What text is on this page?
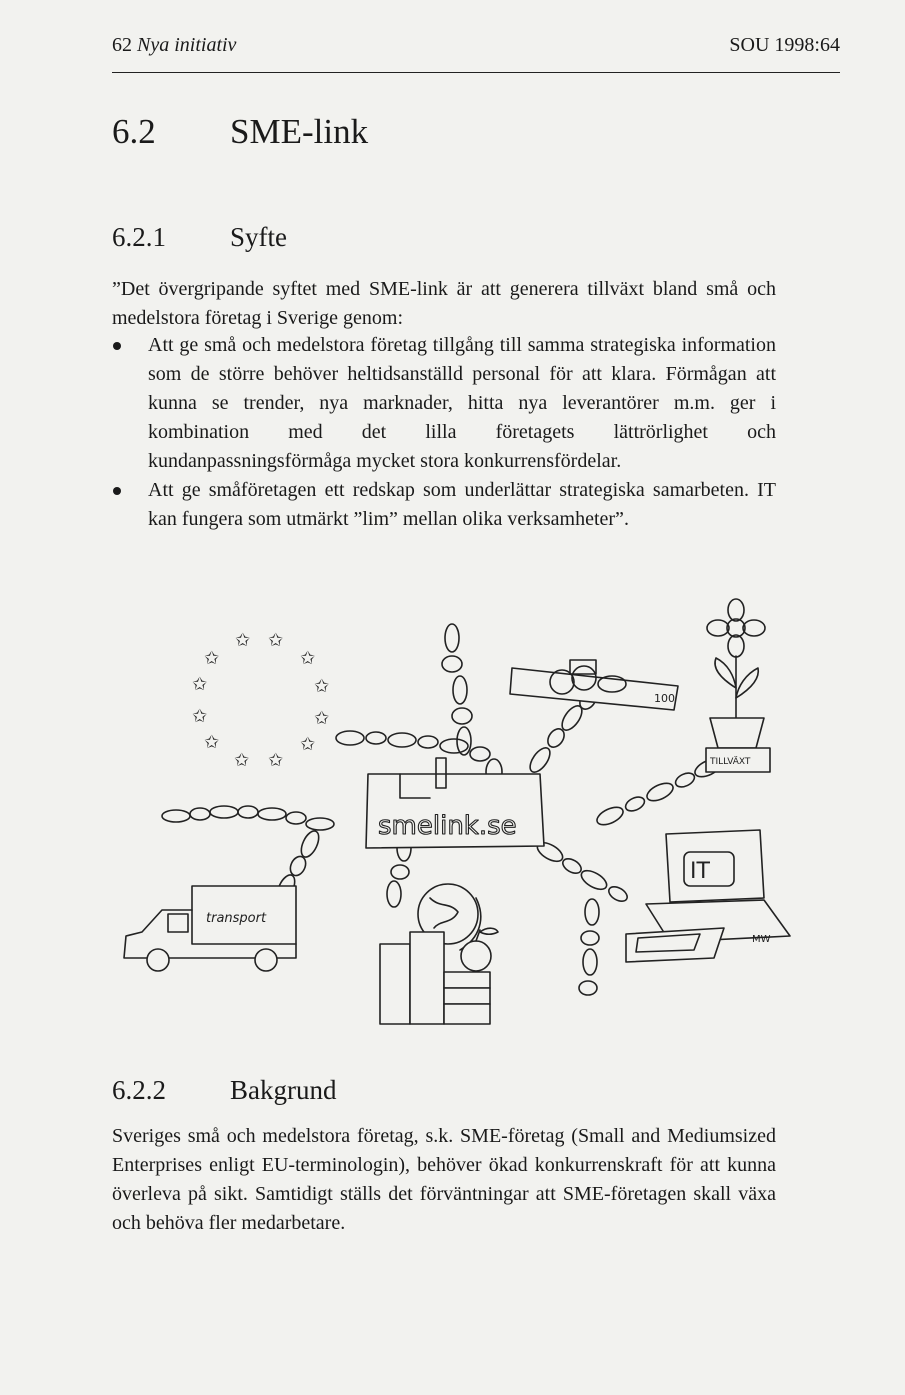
62 Nya initiativ	SOU 1998:64
6.2 SME-link
6.2.1 Syfte

”Det övergripande syftet med SME-link är att generera tillväxt bland små och medelstora företag i Sverige genom:

Att ge små och medelstora företag tillgång till samma strategiska information som de större behöver heltidsanställd personal för att klara. Förmågan att kunna se trender, nya marknader, hitta nya leverantörer m.m. ger i kombination med det lilla företagets lättrörlighet och kundanpassningsförmåga mycket stora konkurrensfördelar.
Att ge småföretagen ett redskap som underlättar strategiska samarbeten. IT kan fungera som utmärkt ”lim” mellan olika verksamheter”.
✩ ✩
✩	✩
✩	✩
✩	✩
✩	✩
✩ ✩
smelink.se
100
TILLVÄXT
transport
IT
MW
6.2.2 Bakgrund

Sveriges små och medelstora företag, s.k. SME-företag (Small and Mediumsized Enterprises enligt EU-terminologin), behöver ökad konkurrenskraft för att kunna överleva på sikt. Samtidigt ställs det förväntningar att SME-företagen skall växa och behöva fler medarbetare.
